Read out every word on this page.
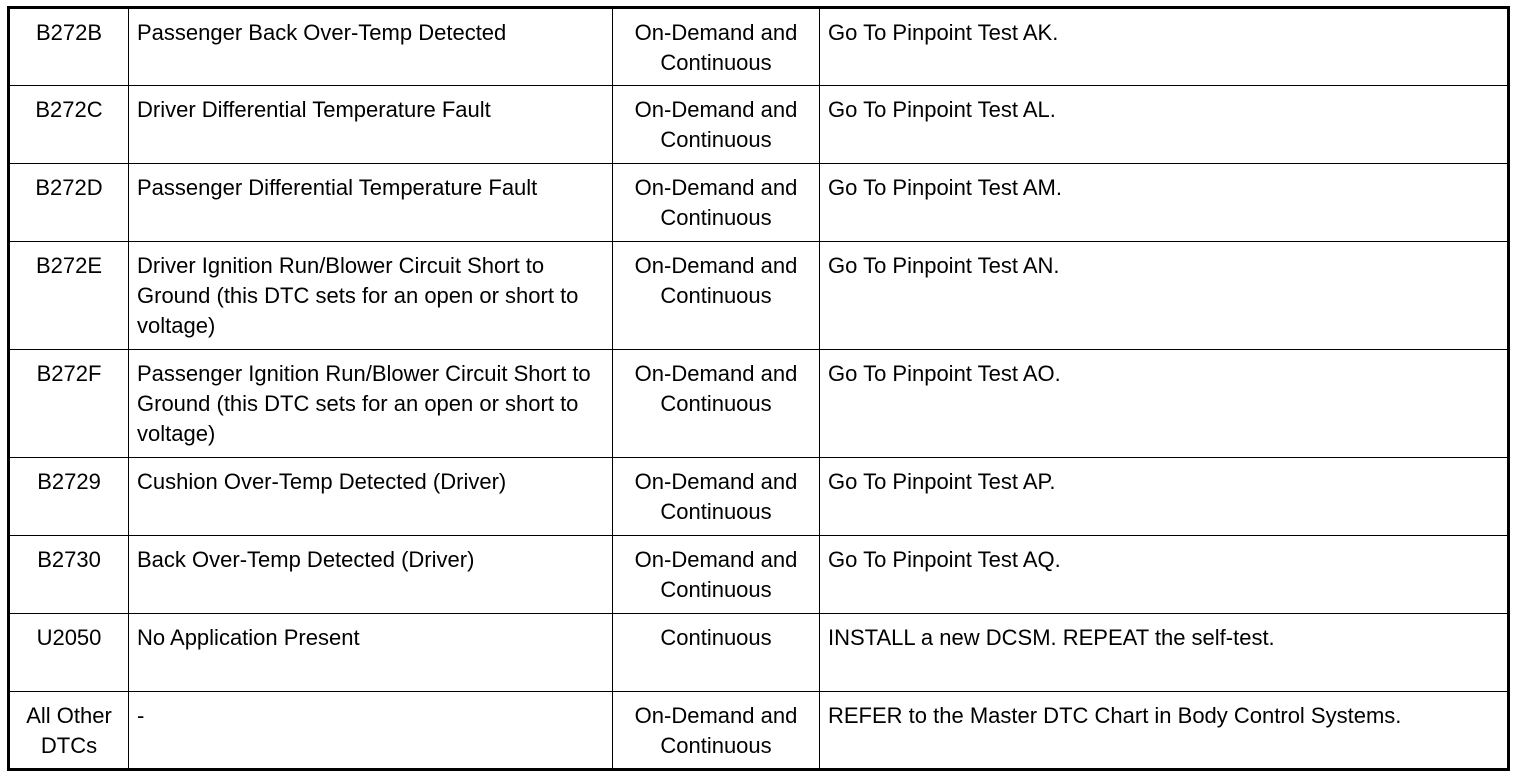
B272B	Passenger Back Over-Temp Detected	On-Demand and Continuous	Go To Pinpoint Test AK.
B272C	Driver Differential Temperature Fault	On-Demand and Continuous	Go To Pinpoint Test AL.
B272D	Passenger Differential Temperature Fault	On-Demand and Continuous	Go To Pinpoint Test AM.
B272E	Driver Ignition Run/Blower Circuit Short to Ground (this DTC sets for an open or short to voltage)	On-Demand and Continuous	Go To Pinpoint Test AN.
B272F	Passenger Ignition Run/Blower Circuit Short to Ground (this DTC sets for an open or short to voltage)	On-Demand and Continuous	Go To Pinpoint Test AO.
B2729	Cushion Over-Temp Detected (Driver)	On-Demand and Continuous	Go To Pinpoint Test AP.
B2730	Back Over-Temp Detected (Driver)	On-Demand and Continuous	Go To Pinpoint Test AQ.
U2050	No Application Present	Continuous	INSTALL a new DCSM. REPEAT the self-test.
All Other DTCs	-	On-Demand and Continuous	REFER to the Master DTC Chart in Body Control Systems.
